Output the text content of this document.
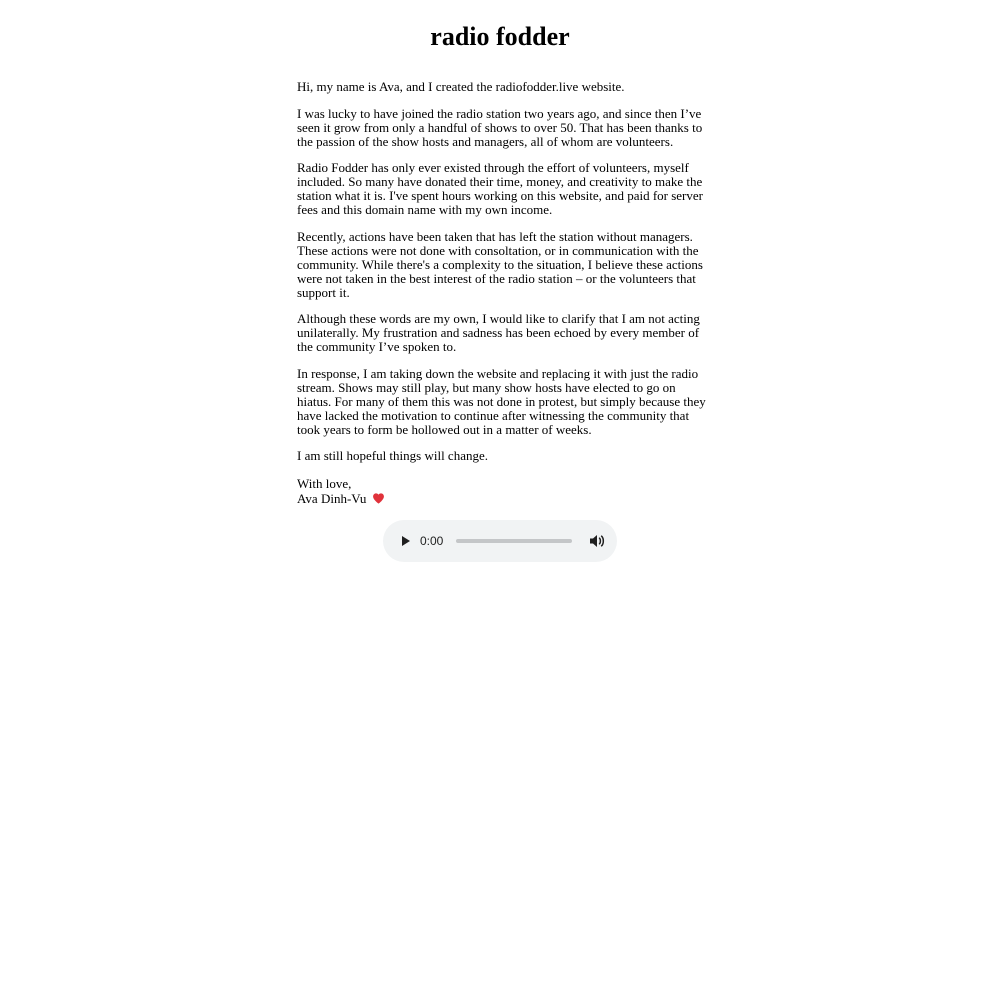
radio fodder

Hi, my name is Ava, and I created the radiofodder.live website.

I was lucky to have joined the radio station two years ago, and since then I’ve seen it grow from only a handful of shows to over 50. That has been thanks to the passion of the show hosts and managers, all of whom are volunteers.

Radio Fodder has only ever existed through the effort of volunteers, myself included. So many have donated their time, money, and creativity to make the station what it is. I've spent hours working on this website, and paid for server fees and this domain name with my own income.

Recently, actions have been taken that has left the station without managers. These actions were not done with consoltation, or in communication with the community. While there's a complexity to the situation, I believe these actions were not taken in the best interest of the radio station – or the volunteers that support it.

Although these words are my own, I would like to clarify that I am not acting unilaterally. My frustration and sadness has been echoed by every member of the community I’ve spoken to.

In response, I am taking down the website and replacing it with just the radio stream. Shows may still play, but many show hosts have elected to go on hiatus. For many of them this was not done in protest, but simply because they have lacked the motivation to continue after witnessing the community that took years to form be hollowed out in a matter of weeks.

I am still hopeful things will change.

With love,
Ava Dinh-Vu
0:00
